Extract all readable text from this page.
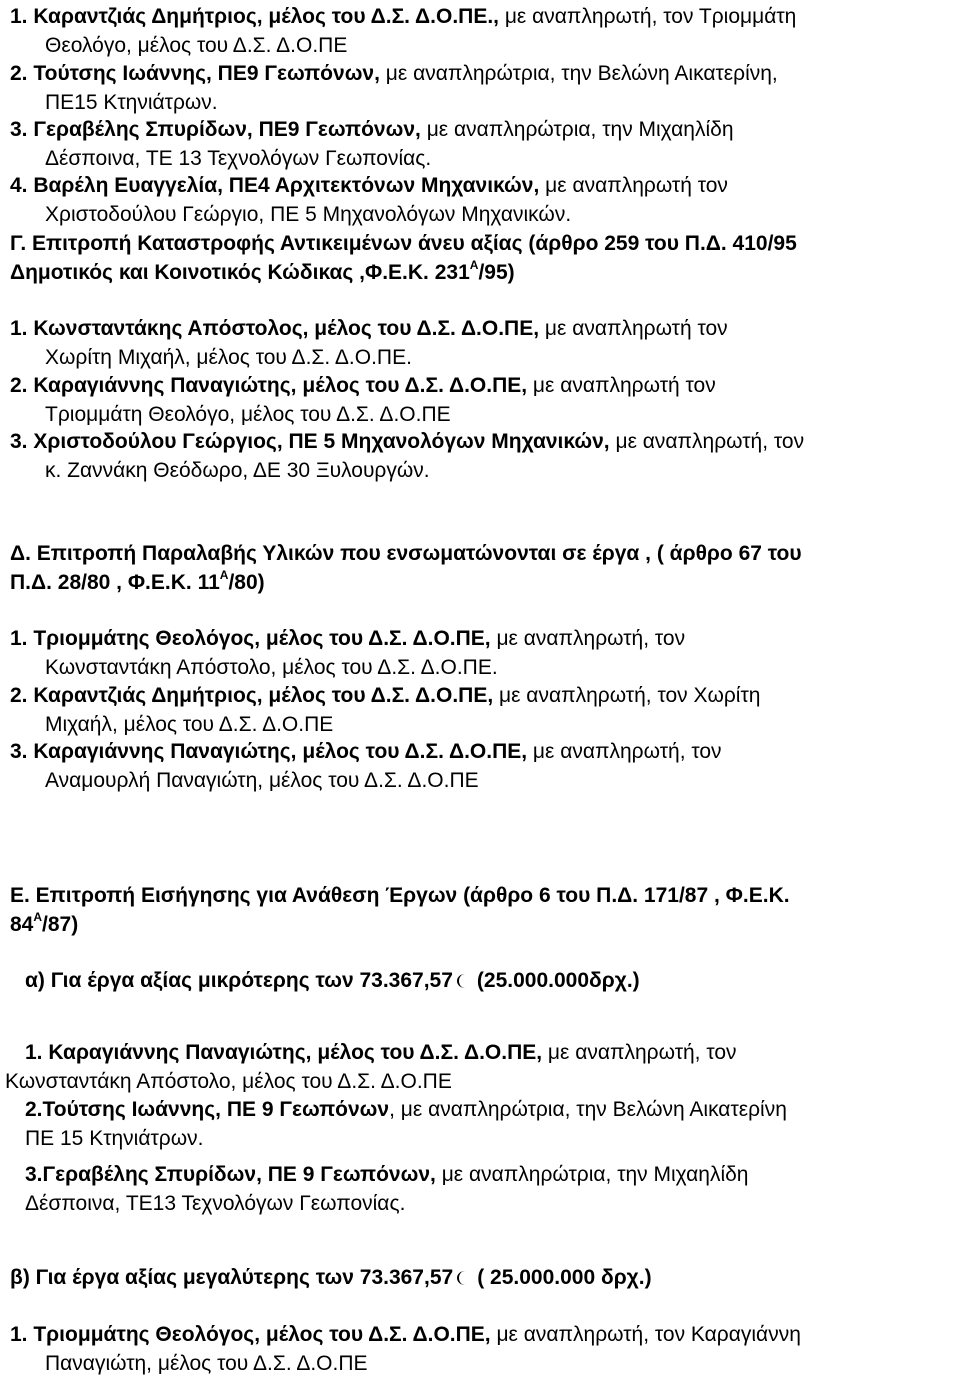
1. Καραντζιάς Δημήτριος, μέλος του Δ.Σ. Δ.Ο.ΠΕ., με αναπληρωτή, τον Τριομμάτη
Θεολόγο, μέλος του Δ.Σ. Δ.Ο.ΠΕ
2. Τούτσης Ιωάννης, ΠΕ9 Γεωπόνων, με αναπληρώτρια, την Βελώνη Αικατερίνη,
ΠΕ15 Κτηνιάτρων.
3. Γεραβέλης Σπυρίδων, ΠΕ9 Γεωπόνων, με αναπληρώτρια, την Μιχαηλίδη
Δέσποινα, ΤΕ 13 Τεχνολόγων Γεωπονίας.
4. Βαρέλη Ευαγγελία, ΠΕ4 Αρχιτεκτόνων Μηχανικών, με αναπληρωτή τον
Χριστοδούλου Γεώργιο, ΠΕ 5 Μηχανολόγων Μηχανικών.
Γ. Επιτροπή Καταστροφής Αντικειμένων άνευ αξίας (άρθρο 259 του Π.Δ. 410/95
Δημοτικός και Κοινοτικός Κώδικας ,Φ.Ε.Κ. $231^A/95$)
1. Κωνσταντάκης Απόστολος, μέλος του Δ.Σ. Δ.Ο.ΠΕ, με αναπληρωτή τον
Χωρίτη Μιχαήλ, μέλος του Δ.Σ. Δ.Ο.ΠΕ.
2. Καραγιάννης Παναγιώτης, μέλος του Δ.Σ. Δ.Ο.ΠΕ, με αναπληρωτή τον
Τριομμάτη Θεολόγο, μέλος του Δ.Σ. Δ.Ο.ΠΕ
3. Χριστοδούλου Γεώργιος, ΠΕ 5 Μηχανολόγων Μηχανικών, με αναπληρωτή, τον
κ. Ζαννάκη Θεόδωρο, ΔΕ 30 Ξυλουργών.
Δ. Επιτροπή Παραλαβής Υλικών που ενσωματώνονται σε έργα , ( άρθρο 67 του
Π.Δ. 28/80 , Φ.Ε.Κ. $11^A/80$)
1. Τριομμάτης Θεολόγος, μέλος του Δ.Σ. Δ.Ο.ΠΕ, με αναπληρωτή, τον
Κωνσταντάκη Απόστολο, μέλος του Δ.Σ. Δ.Ο.ΠΕ.
2. Καραντζιάς Δημήτριος, μέλος του Δ.Σ. Δ.Ο.ΠΕ, με αναπληρωτή, τον Χωρίτη
Μιχαήλ, μέλος του Δ.Σ. Δ.Ο.ΠΕ
3. Καραγιάννης Παναγιώτης, μέλος του Δ.Σ. Δ.Ο.ΠΕ, με αναπληρωτή, τον
Αναμουρλή Παναγιώτη, μέλος του Δ.Σ. Δ.Ο.ΠΕ
Ε. Επιτροπή Εισήγησης για Ανάθεση Έργων (άρθρο 6 του Π.Δ. 171/87 , Φ.Ε.Κ.
$84^A/87$)
α) Για έργα αξίας μικρότερης των 73.367,57 (25.000.000δρχ.)
1. Καραγιάννης Παναγιώτης, μέλος του Δ.Σ. Δ.Ο.ΠΕ, με αναπληρωτή, τον
Κωνσταντάκη Απόστολο, μέλος του Δ.Σ. Δ.Ο.ΠΕ
2.Τούτσης Ιωάννης, ΠΕ 9 Γεωπόνων, με αναπληρώτρια, την Βελώνη Αικατερίνη
ΠΕ 15 Κτηνιάτρων.
3.Γεραβέλης Σπυρίδων, ΠΕ 9 Γεωπόνων, με αναπληρώτρια, την Μιχαηλίδη
Δέσποινα, ΤΕ13 Τεχνολόγων Γεωπονίας.
β) Για έργα αξίας μεγαλύτερης των 73.367,57 ( 25.000.000 δρχ.)
1. Τριομμάτης Θεολόγος, μέλος του Δ.Σ. Δ.Ο.ΠΕ, με αναπληρωτή, τον Καραγιάννη
Παναγιώτη, μέλος του Δ.Σ. Δ.Ο.ΠΕ
